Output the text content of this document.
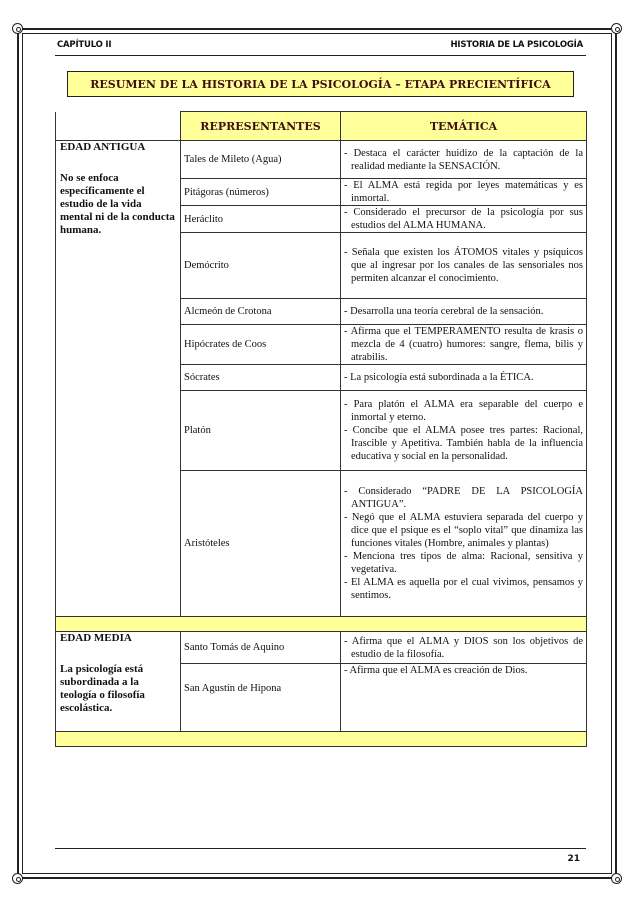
CAPÍTULO II	HISTORIA DE LA PSICOLOGÍA
RESUMEN DE LA HISTORIA DE LA PSICOLOGÍA – ETAPA PRECIENTÍFICA
	REPRESENTANTES	TEMÁTICA

EDAD ANTIGUA
No se enfoca específicamente el estudio de la vida mental ni de la conducta humana.	Tales de Mileto (Agua)	- Destaca el carácter huidizo de la captación de la realidad mediante la SENSACIÓN.

	Pitágoras (números)	- El ALMA está regida por leyes matemáticas y es inmortal.

	Heráclito	- Considerado el precursor de la psicología por sus estudios del ALMA HUMANA.

	Demócrito	- Señala que existen los ÁTOMOS vitales y psíquicos que al ingresar por los canales de las sensoriales nos permiten alcanzar el conocimiento.

	Alcmeón de Crotona	- Desarrolla una teoría cerebral de la sensación.

	Hipócrates de Coos	- Afirma que el TEMPERAMENTO resulta de krasis o mezcla de 4 (cuatro) humores: sangre, flema, bilis y atrabilis.

	Sócrates	- La psicología está subordinada a la ÉTICA.

	Platón	- Para platón el ALMA era separable del cuerpo e inmortal y eterno.
- Concibe que el ALMA posee tres partes: Racional, Irascible y Apetitiva. También habla de la influencia educativa y social en la personalidad.

	Aristóteles	- Considerado “PADRE DE LA PSICOLOGÍA ANTIGUA”.
- Negó que el ALMA estuviera separada del cuerpo y dice que el psique es el “soplo vital” que dinamiza las funciones vitales (Hombre, animales y plantas)
- Menciona tres tipos de alma: Racional, sensitiva y vegetativa.
- El ALMA es aquella por el cual vivimos, pensamos y sentimos.

EDAD MEDIA
La psicología está subordinada a la teología o filosofía escolástica.	Santo Tomás de Aquino	- Afirma que el ALMA y DIOS son los objetivos de estudio de la filosofía.

	San Agustín de Hipona	- Afirma que el ALMA es creación de Dios.

21
